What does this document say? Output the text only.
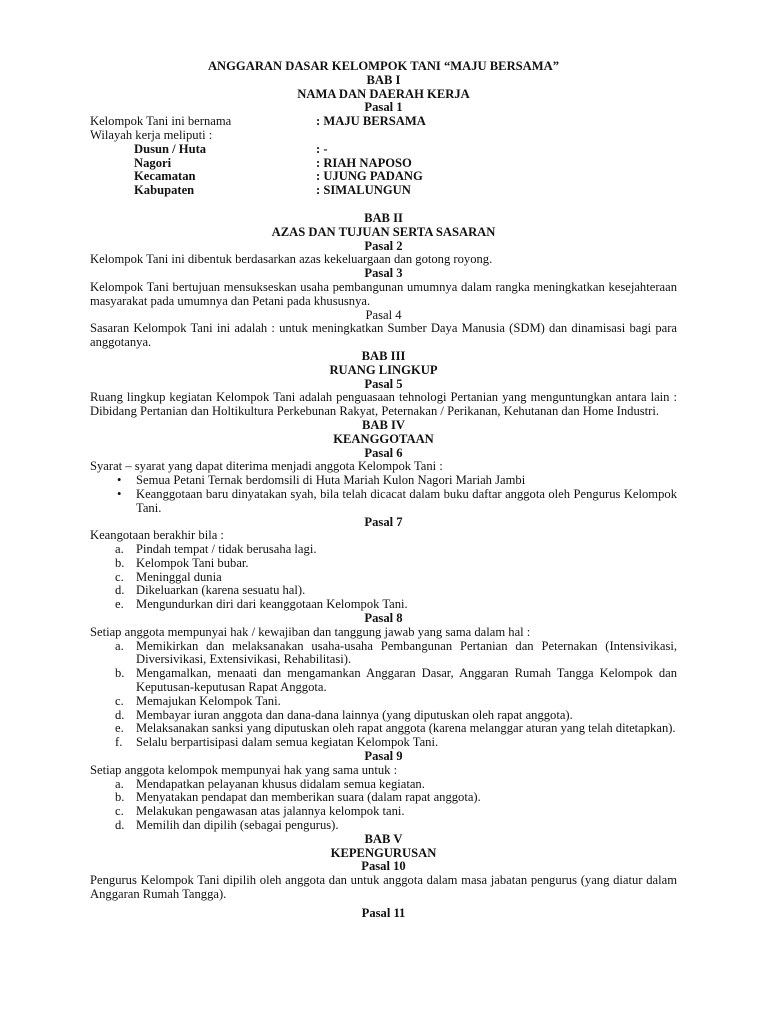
ANGGARAN DASAR KELOMPOK TANI “MAJU BERSAMA”
BAB I
NAMA DAN DAERAH KERJA
Pasal 1
Kelompok Tani ini bernama	: MAJU BERSAMA

Wilayah kerja meliputi :

Dusun / Huta	: -
Nagori	: RIAH NAPOSO
Kecamatan	: UJUNG PADANG
Kabupaten	: SIMALUNGUN
BAB II
AZAS DAN TUJUAN SERTA SASARAN
Pasal 2

Kelompok Tani ini dibentuk berdasarkan azas kekeluargaan dan gotong royong.

Pasal 3

Kelompok Tani bertujuan mensukseskan usaha pembangunan umumnya dalam rangka meningkatkan kesejahteraan masyarakat pada umumnya dan Petani pada khususnya.

Pasal 4

Sasaran Kelompok Tani ini adalah : untuk meningkatkan Sumber Daya Manusia (SDM) dan dinamisasi bagi para anggotanya.

BAB III
RUANG LINGKUP
Pasal 5

Ruang lingkup kegiatan Kelompok Tani adalah penguasaan tehnologi Pertanian yang menguntungkan antara lain : Dibidang Pertanian dan Holtikultura Perkebunan Rakyat, Peternakan / Perikanan, Kehutanan dan Home Industri.

BAB IV
KEANGGOTAAN
Pasal 6

Syarat – syarat yang dapat diterima menjadi anggota Kelompok Tani :

• Semua Petani Ternak berdomsili di Huta Mariah Kulon Nagori Mariah Jambi
• Keanggotaan baru dinyatakan syah, bila telah dicacat dalam buku daftar anggota oleh Pengurus Kelompok Tani.
Pasal 7

Keangotaan berakhir bila :

a. Pindah tempat / tidak berusaha lagi.
b. Kelompok Tani bubar.
c. Meninggal dunia
d. Dikeluarkan (karena sesuatu hal).
e. Mengundurkan diri dari keanggotaan Kelompok Tani.
Pasal 8

Setiap anggota mempunyai hak / kewajiban dan tanggung jawab yang sama dalam hal :

a. Memikirkan dan melaksanakan usaha-usaha Pembangunan Pertanian dan Peternakan (Intensivikasi, Diversivikasi, Extensivikasi, Rehabilitasi).
b. Mengamalkan, menaati dan mengamankan Anggaran Dasar, Anggaran Rumah Tangga Kelompok dan Keputusan-keputusan Rapat Anggota.
c. Memajukan Kelompok Tani.
d. Membayar iuran anggota dan dana-dana lainnya (yang diputuskan oleh rapat anggota).
e. Melaksanakan sanksi yang diputuskan oleh rapat anggota (karena melanggar aturan yang telah ditetapkan).
f. Selalu berpartisipasi dalam semua kegiatan Kelompok Tani.
Pasal 9

Setiap anggota kelompok mempunyai hak yang sama untuk :

a. Mendapatkan pelayanan khusus didalam semua kegiatan.
b. Menyatakan pendapat dan memberikan suara (dalam rapat anggota).
c. Melakukan pengawasan atas jalannya kelompok tani.
d. Memilih dan dipilih (sebagai pengurus).
BAB V
KEPENGURUSAN
Pasal 10

Pengurus Kelompok Tani dipilih oleh anggota dan untuk anggota dalam masa jabatan pengurus (yang diatur dalam Anggaran Rumah Tangga).

Pasal 11
